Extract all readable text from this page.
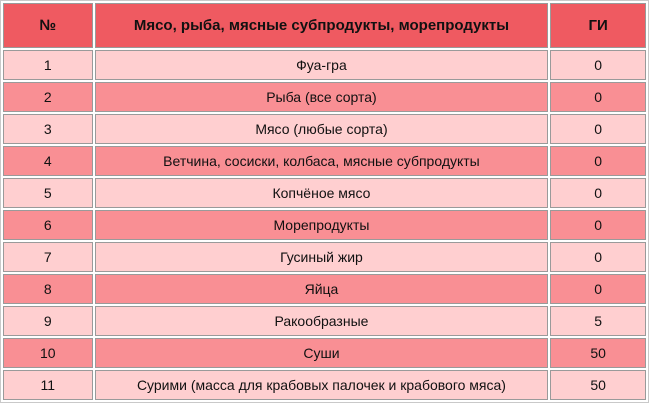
№	Мясо, рыба, мясные субпродукты, морепродукты	ГИ
1	Фуа-гра	0
2	Рыба (все сорта)	0
3	Мясо (любые сорта)	0
4	Ветчина, сосиски, колбаса, мясные субпродукты	0
5	Копчёное мясо	0
6	Морепродукты	0
7	Гусиный жир	0
8	Яйца	0
9	Ракообразные	5
10	Суши	50
11	Сурими (масса для крабовых палочек и крабового мяса)	50
